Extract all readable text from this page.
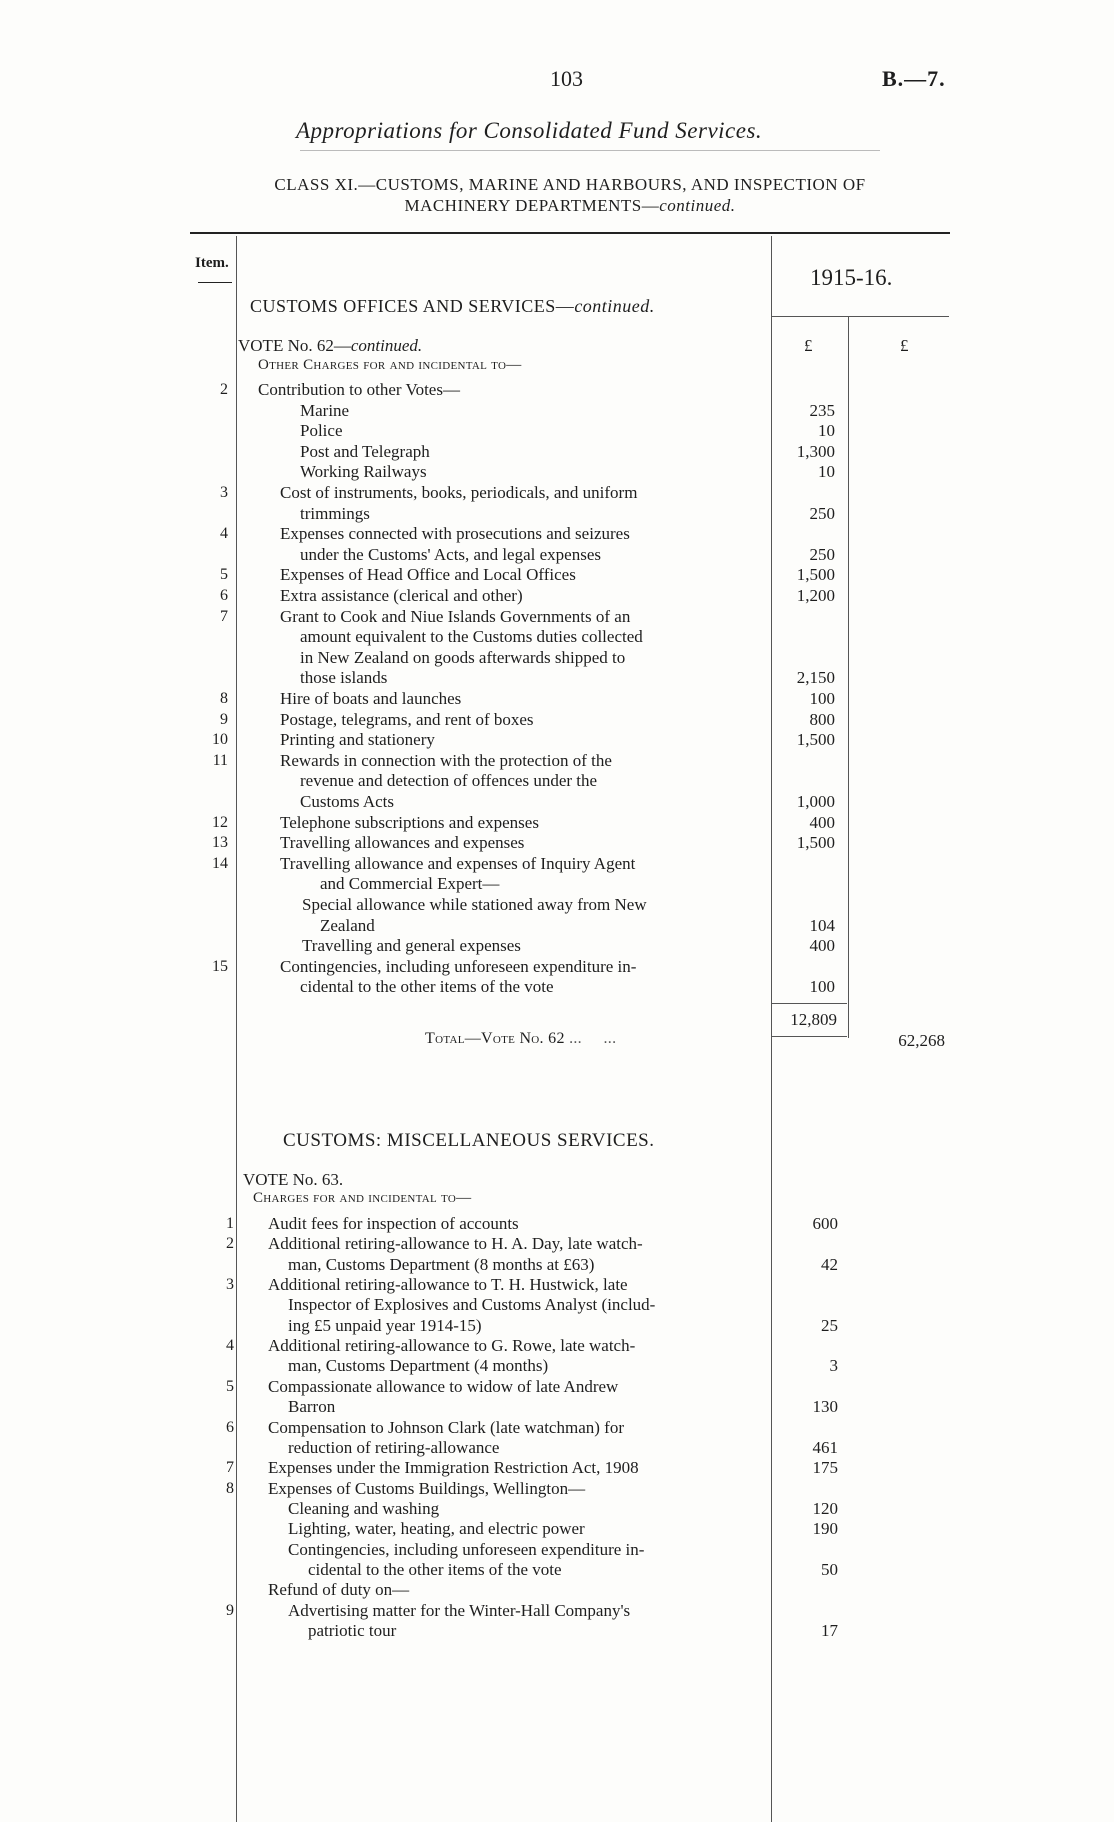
103	B.—7.
Appropriations for Consolidated Fund Services.
CLASS XI.—CUSTOMS, MARINE AND HARBOURS, AND INSPECTION OF
MACHINERY DEPARTMENTS—continued.
Item.
1915-16.
CUSTOMS OFFICES AND SERVICES—continued.
VOTE No. 62—continued.	£	£
Other Charges for and incidental to—
2 Contribution to other Votes—
Marine	235
Police	10
Post and Telegraph	1,300
Working Railways	10
3	Cost of instruments, books, periodicals, and uniform
trimmings	250
4	Expenses connected with prosecutions and seizures
under the Customs' Acts, and legal expenses	250
5	Expenses of Head Office and Local Offices	1,500
6	Extra assistance (clerical and other)	1,200
7	Grant to Cook and Niue Islands Governments of an
amount equivalent to the Customs duties collected
in New Zealand on goods afterwards shipped to
those islands	2,150
8	Hire of boats and launches	100
9	Postage, telegrams, and rent of boxes	800
10	Printing and stationery	1,500
11	Rewards in connection with the protection of the
revenue and detection of offences under the
Customs Acts	1,000
12	Telephone subscriptions and expenses	400
13	Travelling allowances and expenses	1,500
14	Travelling allowance and expenses of Inquiry Agent
and Commercial Expert—
Special allowance while stationed away from New
Zealand	104
Travelling and general expenses	400
15	Contingencies, including unforeseen expenditure in-
cidental to the other items of the vote	100
12,809
Total—Vote No. 62 ...     ...	62,268
CUSTOMS: MISCELLANEOUS SERVICES.
VOTE No. 63.
Charges for and incidental to—
1 Audit fees for inspection of accounts	600
2 Additional retiring-allowance to H. A. Day, late watch-
man, Customs Department (8 months at £63)	42
3 Additional retiring-allowance to T. H. Hustwick, late
Inspector of Explosives and Customs Analyst (includ-
ing £5 unpaid year 1914-15)	25
4 Additional retiring-allowance to G. Rowe, late watch-
man, Customs Department (4 months)	3
5 Compassionate allowance to widow of late Andrew
Barron	130
6 Compensation to Johnson Clark (late watchman) for
reduction of retiring-allowance	461
7 Expenses under the Immigration Restriction Act, 1908	175
8 Expenses of Customs Buildings, Wellington—
Cleaning and washing	120
Lighting, water, heating, and electric power	190
Contingencies, including unforeseen expenditure in-
cidental to the other items of the vote	50
Refund of duty on—
9	Advertising matter for the Winter-Hall Company's
patriotic tour	17
